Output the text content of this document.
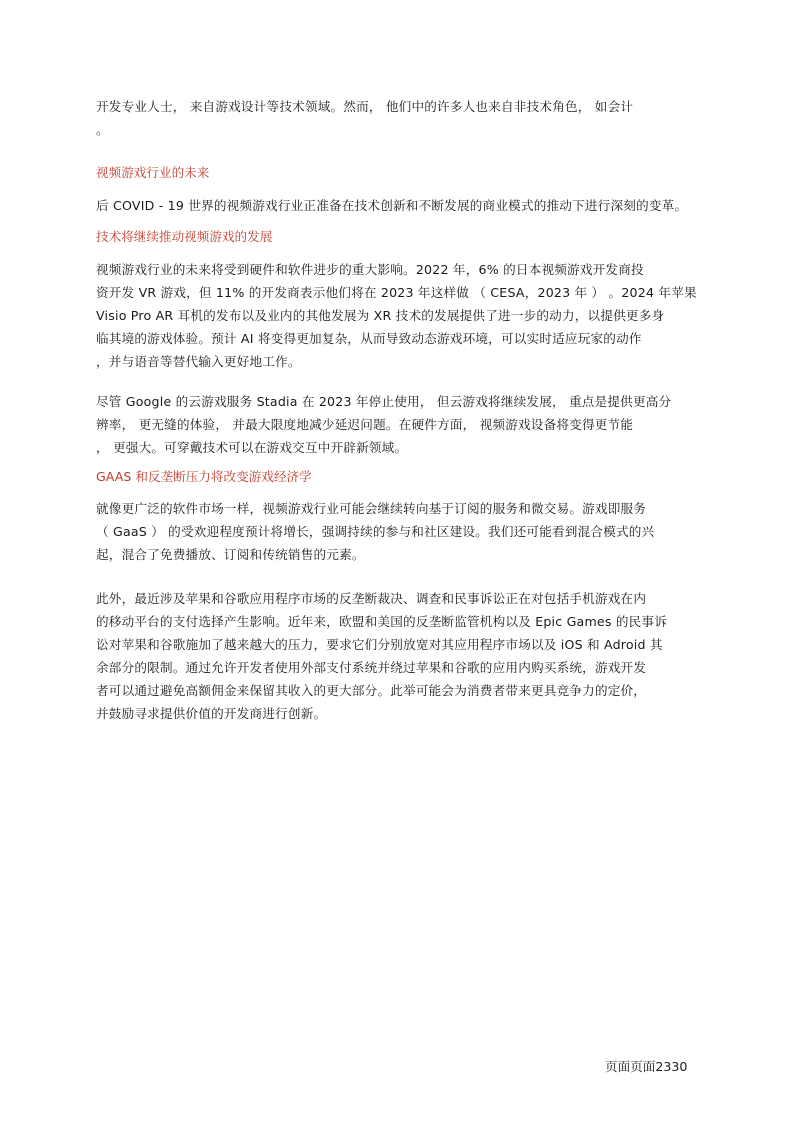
开发专业人士， 来自游戏设计等技术领域。然而， 他们中的许多人也来自非技术角色， 如会计
。
视频游戏行业的未来
后 COVID - 19 世界的视频游戏行业正准备在技术创新和不断发展的商业模式的推动下进行深刻的变革。
技术将继续推动视频游戏的发展
视频游戏行业的未来将受到硬件和软件进步的重大影响。2022 年，6% 的日本视频游戏开发商投
资开发 VR 游戏，但 11% 的开发商表示他们将在 2023 年这样做 （ CESA，2023 年 ） 。2024 年苹果
Visio Pro AR 耳机的发布以及业内的其他发展为 XR 技术的发展提供了进一步的动力，以提供更多身
临其境的游戏体验。预计 AI 将变得更加复杂，从而导致动态游戏环境，可以实时适应玩家的动作
，并与语音等替代输入更好地工作。
尽管 Google 的云游戏服务 Stadia 在 2023 年停止使用， 但云游戏将继续发展， 重点是提供更高分
辨率， 更无缝的体验， 并最大限度地减少延迟问题。在硬件方面， 视频游戏设备将变得更节能
， 更强大。可穿戴技术可以在游戏交互中开辟新领域。
GAAS 和反垄断压力将改变游戏经济学
就像更广泛的软件市场一样，视频游戏行业可能会继续转向基于订阅的服务和微交易。游戏即服务
（ GaaS ） 的受欢迎程度预计将增长，强调持续的参与和社区建设。我们还可能看到混合模式的兴
起，混合了免费播放、订阅和传统销售的元素。
此外，最近涉及苹果和谷歌应用程序市场的反垄断裁决、调查和民事诉讼正在对包括手机游戏在内
的移动平台的支付选择产生影响。近年来，欧盟和美国的反垄断监管机构以及 Epic Games 的民事诉
讼对苹果和谷歌施加了越来越大的压力，要求它们分别放宽对其应用程序市场以及 iOS 和 Adroid 其
余部分的限制。通过允许开发者使用外部支付系统并绕过苹果和谷歌的应用内购买系统，游戏开发
者可以通过避免高额佣金来保留其收入的更大部分。此举可能会为消费者带来更具竞争力的定价，
并鼓励寻求提供价值的开发商进行创新。
页面页面2330
